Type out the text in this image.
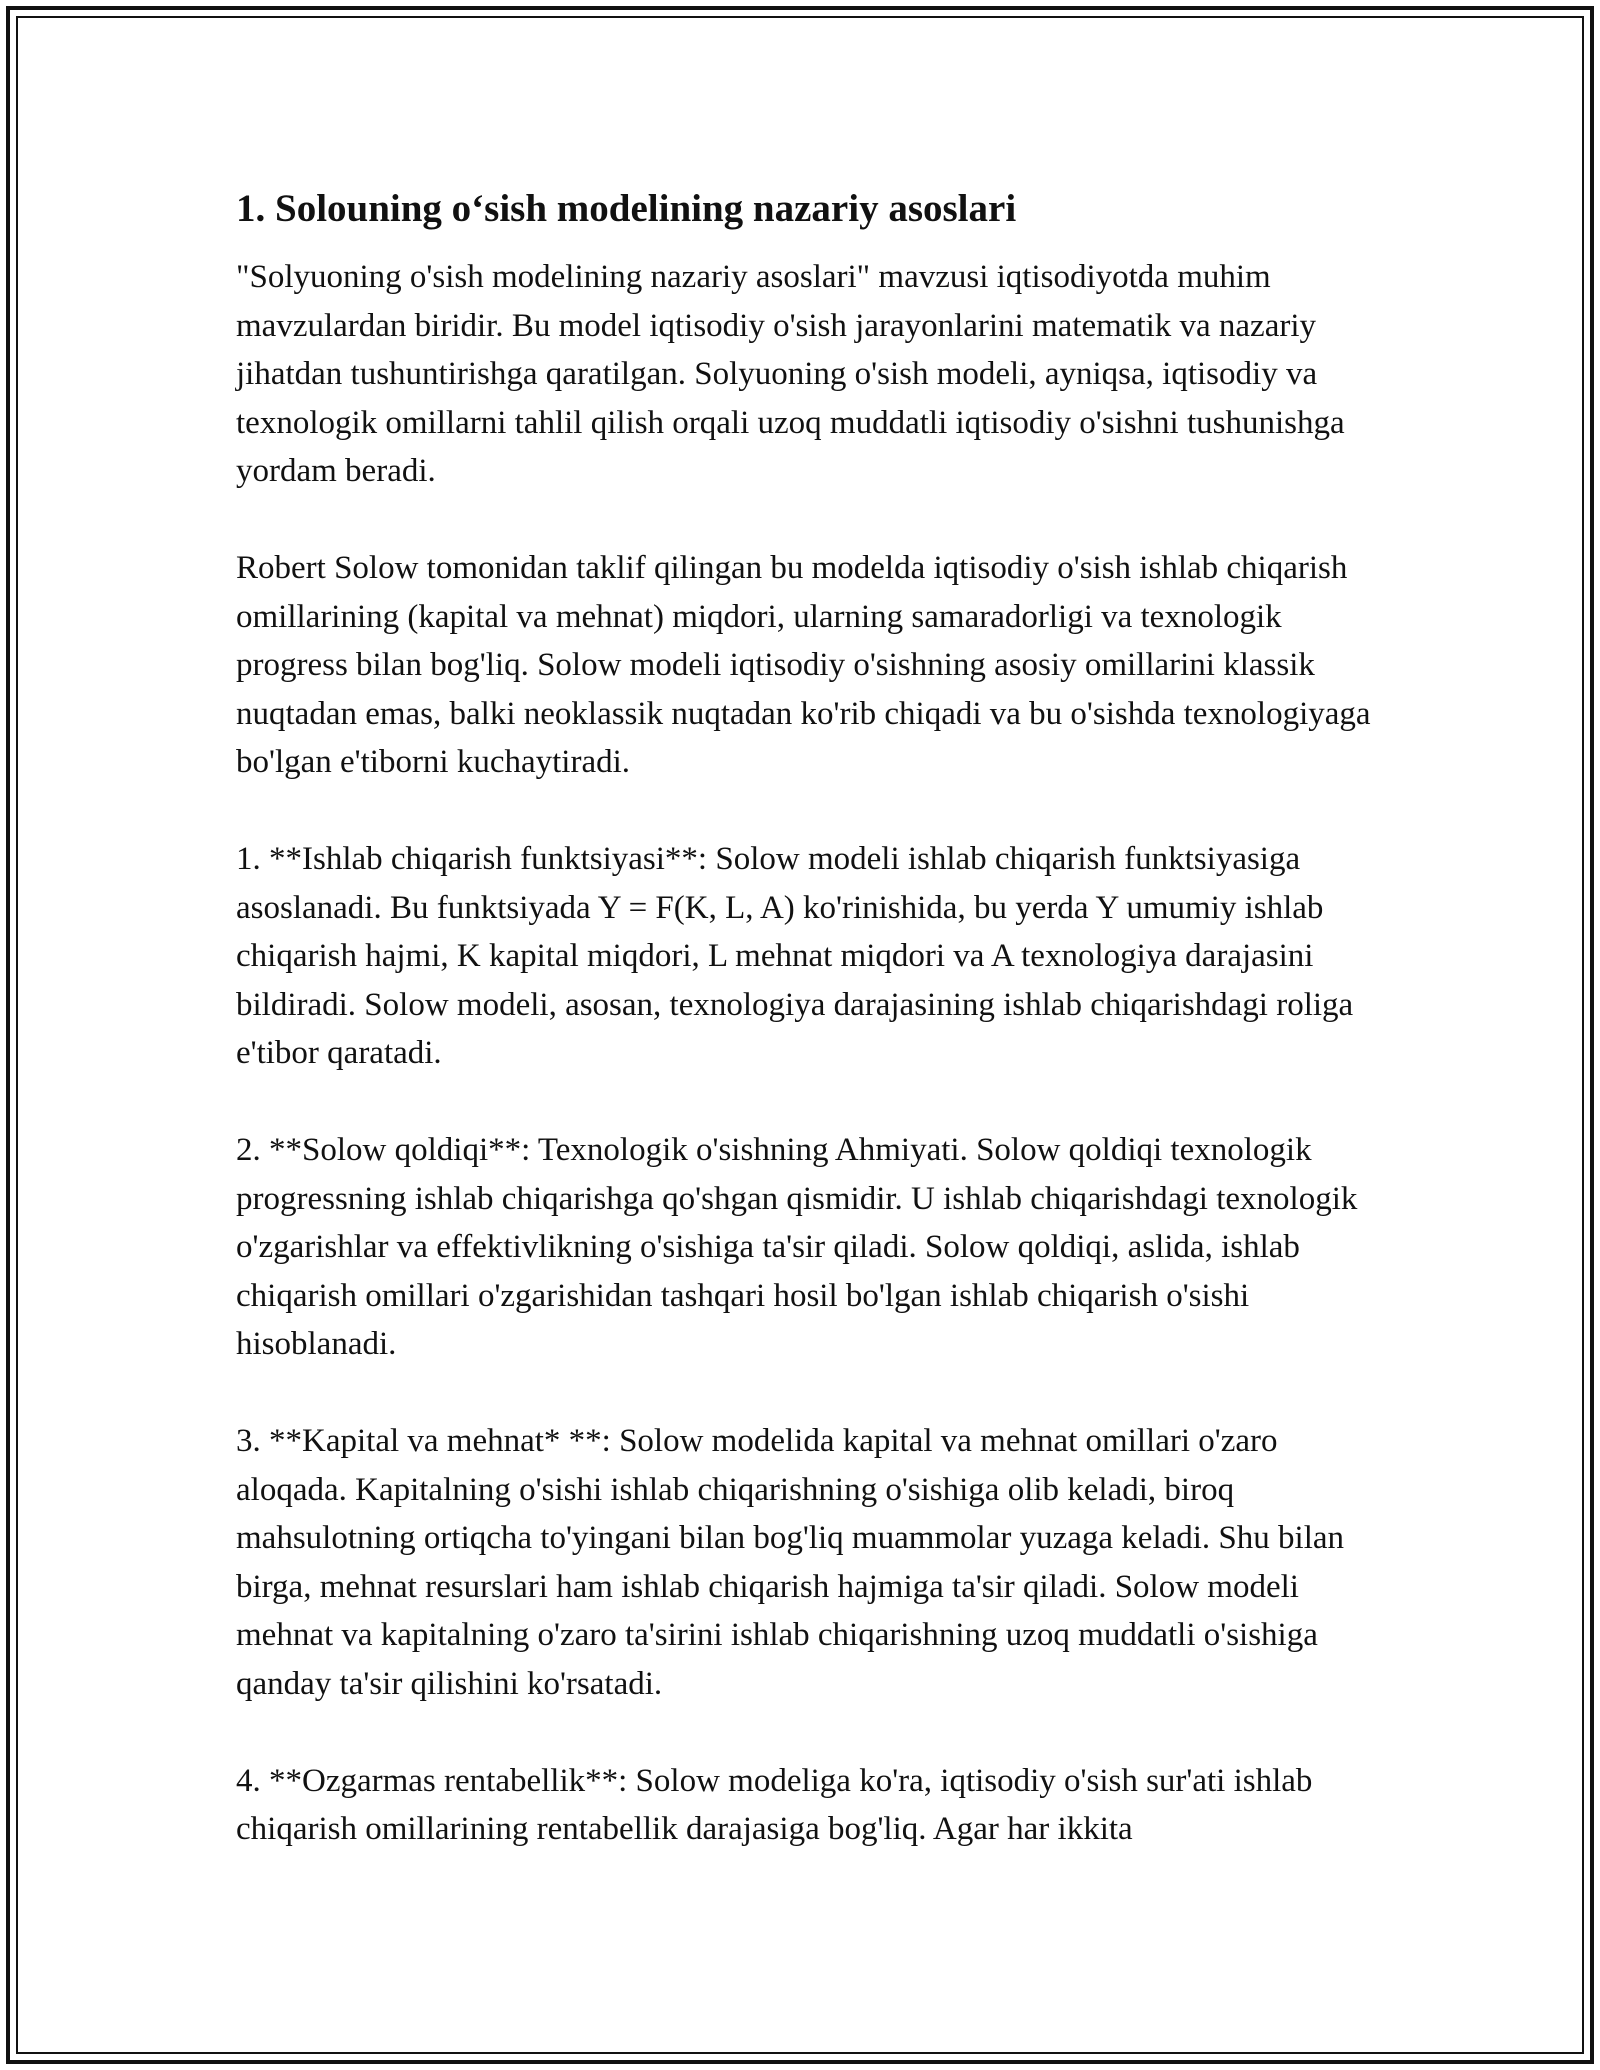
1. Solouning o‘sish modelining nazariy asoslari

"Solyuoning o'sish modelining nazariy asoslari" mavzusi iqtisodiyotda muhim mavzulardan biridir. Bu model iqtisodiy o'sish jarayonlarini matematik va nazariy jihatdan tushuntirishga qaratilgan. Solyuoning o'sish modeli, ayniqsa, iqtisodiy va texnologik omillarni tahlil qilish orqali uzoq muddatli iqtisodiy o'sishni tushunishga yordam beradi.

Robert Solow tomonidan taklif qilingan bu modelda iqtisodiy o'sish ishlab chiqarish omillarining (kapital va mehnat) miqdori, ularning samaradorligi va texnologik progress bilan bog'liq. Solow modeli iqtisodiy o'sishning asosiy omillarini klassik nuqtadan emas, balki neoklassik nuqtadan ko'rib chiqadi va bu o'sishda texnologiyaga bo'lgan e'tiborni kuchaytiradi.

1. **Ishlab chiqarish funktsiyasi**: Solow modeli ishlab chiqarish funktsiyasiga asoslanadi. Bu funktsiyada Y = F(K, L, A) ko'rinishida, bu yerda Y umumiy ishlab chiqarish hajmi, K kapital miqdori, L mehnat miqdori va A texnologiya darajasini bildiradi. Solow modeli, asosan, texnologiya darajasining ishlab chiqarishdagi roliga e'tibor qaratadi.

2. **Solow qoldiqi**: Texnologik o'sishning Ahmiyati. Solow qoldiqi texnologik progressning ishlab chiqarishga qo'shgan qismidir. U ishlab chiqarishdagi texnologik o'zgarishlar va effektivlikning o'sishiga ta'sir qiladi. Solow qoldiqi, aslida, ishlab chiqarish omillari o'zgarishidan tashqari hosil bo'lgan ishlab chiqarish o'sishi hisoblanadi.

3. **Kapital va mehnat* **: Solow modelida kapital va mehnat omillari o'zaro aloqada. Kapitalning o'sishi ishlab chiqarishning o'sishiga olib keladi, biroq mahsulotning ortiqcha to'yingani bilan bog'liq muammolar yuzaga keladi. Shu bilan birga, mehnat resurslari ham ishlab chiqarish hajmiga ta'sir qiladi. Solow modeli mehnat va kapitalning o'zaro ta'sirini ishlab chiqarishning uzoq muddatli o'sishiga qanday ta'sir qilishini ko'rsatadi.

4. **Ozgarmas rentabellik**: Solow modeliga ko'ra, iqtisodiy o'sish sur'ati ishlab chiqarish omillarining rentabellik darajasiga bog'liq. Agar har ikkita
